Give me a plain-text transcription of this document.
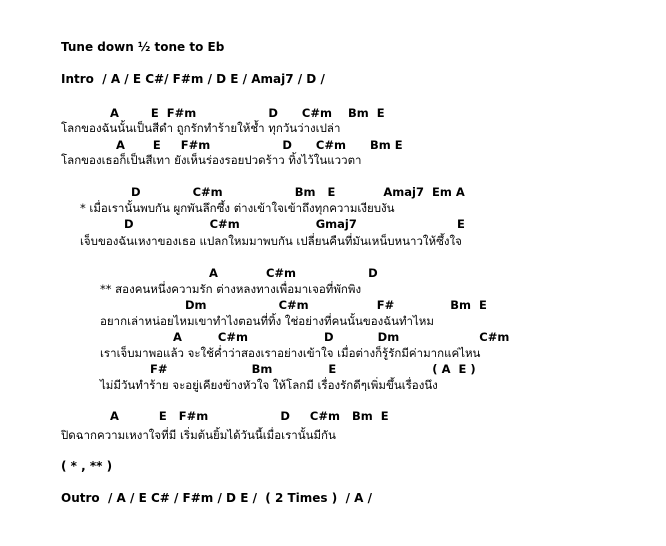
Tune down ½ tone to Eb
Intro  / A / E C#/ F#m / D E / Amaj7 / D /
A        E  F#m                  D      C#m    Bm  E
โลกของฉันนั้นเป็นสีดำ ถูกรักทำร้ายให้ช้ำ ทุกวันว่างเปล่า
A       E     F#m                  D      C#m      Bm E
โลกของเธอก็เป็นสีเทา ยังเห็นร่องรอยปวดร้าว ทิ้งไว้ในแววตา
D             C#m                  Bm   E            Amaj7  Em A
* เมื่อเรานั้นพบกัน ผูกพันลึกซึ้ง ต่างเข้าใจเข้าถึงทุกความเงียบงัน
D                   C#m                   Gmaj7                         E
เจ็บของฉันเหงาของเธอ แปลกใหมมาพบกัน เปลี่ยนคืนที่มันเหน็บหนาวให้ซึ้งใจ
A            C#m                  D
** สองคนหนึ่งความรัก ต่างหลงทางเพื่อมาเจอที่พักพิง
Dm                  C#m                 F#              Bm  E
อยากเล่าหน่อยไหมเขาทำไงตอนที่ทิ้ง ใช่อย่างที่คนนั้นของฉันทำไหม
A         C#m                   D           Dm                    C#m
เราเจ็บมาพอแล้ว จะใช้ค่ำว่าสองเราอย่างเข้าใจ เมื่อต่างก็รู้รักมีค่ามากแค่ไหน
F#                     Bm              E                        ( A  E )
ไม่มีวันทำร้าย จะอยู่เคียงข้างหัวใจ ให้โลกมี เรื่องรักดีๆเพิ่มขึ้นเรื่องนึง
A          E   F#m                  D     C#m   Bm  E
ปิดฉากความเหงาใจที่มี เริ่มต้นยิ้มได้วันนี้เมื่อเรานั้นมีกัน
( * , ** )
Outro  / A / E C# / F#m / D E /  ( 2 Times )  / A /
